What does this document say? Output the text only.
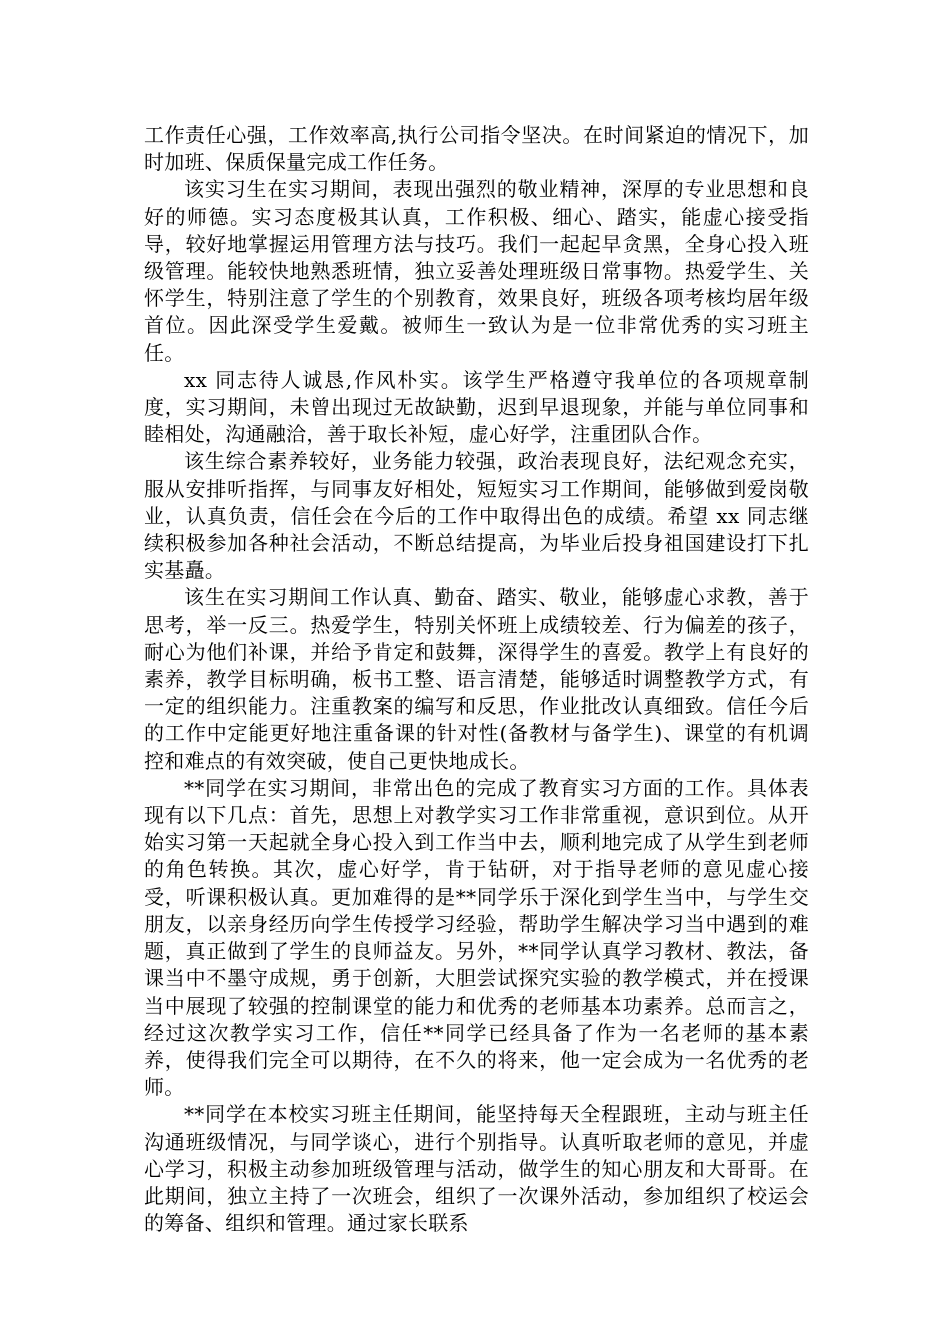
工作责任心强，工作效率高,执行公司指令坚决。在时间紧迫的情况下，加时加班、保质保量完成工作任务。

该实习生在实习期间，表现出强烈的敬业精神，深厚的专业思想和良好的师德。实习态度极其认真，工作积极、细心、踏实，能虚心接受指导，较好地掌握运用管理方法与技巧。我们一起起早贪黑，全身心投入班级管理。能较快地熟悉班情，独立妥善处理班级日常事物。热爱学生、关怀学生，特别注意了学生的个别教育，效果良好，班级各项考核均居年级首位。因此深受学生爱戴。被师生一致认为是一位非常优秀的实习班主任。

xx 同志待人诚恳,作风朴实。该学生严格遵守我单位的各项规章制度，实习期间，未曾出现过无故缺勤，迟到早退现象，并能与单位同事和睦相处，沟通融洽，善于取长补短，虚心好学，注重团队合作。

该生综合素养较好，业务能力较强，政治表现良好，法纪观念充实，服从安排听指挥，与同事友好相处，短短实习工作期间，能够做到爱岗敬业，认真负责，信任会在今后的工作中取得出色的成绩。希望 xx 同志继续积极参加各种社会活动，不断总结提高，为毕业后投身祖国建设打下扎实基矗。

该生在实习期间工作认真、勤奋、踏实、敬业，能够虚心求教，善于思考，举一反三。热爱学生，特别关怀班上成绩较差、行为偏差的孩子，耐心为他们补课，并给予肯定和鼓舞，深得学生的喜爱。教学上有良好的素养，教学目标明确，板书工整、语言清楚，能够适时调整教学方式，有一定的组织能力。注重教案的编写和反思，作业批改认真细致。信任今后的工作中定能更好地注重备课的针对性(备教材与备学生)、课堂的有机调控和难点的有效突破，使自己更快地成长。

**同学在实习期间，非常出色的完成了教育实习方面的工作。具体表现有以下几点：首先，思想上对教学实习工作非常重视，意识到位。从开始实习第一天起就全身心投入到工作当中去，顺利地完成了从学生到老师的角色转换。其次，虚心好学，肯于钻研，对于指导老师的意见虚心接受，听课积极认真。更加难得的是**同学乐于深化到学生当中，与学生交朋友，以亲身经历向学生传授学习经验，帮助学生解决学习当中遇到的难题，真正做到了学生的良师益友。另外，**同学认真学习教材、教法，备课当中不墨守成规，勇于创新，大胆尝试探究实验的教学模式，并在授课当中展现了较强的控制课堂的能力和优秀的老师基本功素养。总而言之，经过这次教学实习工作，信任**同学已经具备了作为一名老师的基本素养，使得我们完全可以期待，在不久的将来，他一定会成为一名优秀的老师。

**同学在本校实习班主任期间，能坚持每天全程跟班，主动与班主任沟通班级情况，与同学谈心，进行个别指导。认真听取老师的意见，并虚心学习，积极主动参加班级管理与活动，做学生的知心朋友和大哥哥。在此期间，独立主持了一次班会，组织了一次课外活动，参加组织了校运会的筹备、组织和管理。通过家长联系
